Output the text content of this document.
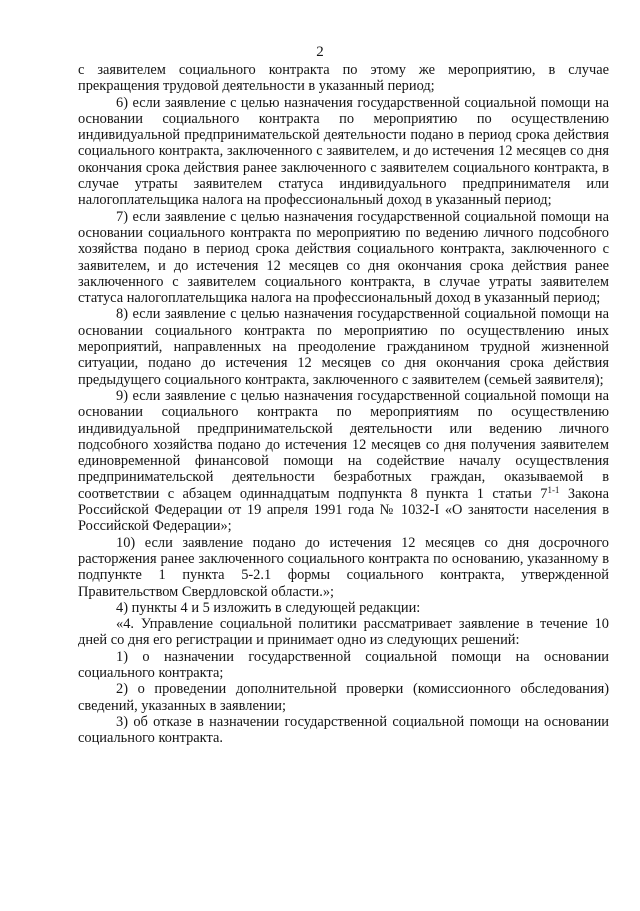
2

с заявителем социального контракта по этому же мероприятию, в случае прекращения трудовой деятельности в указанный период;

6) если заявление с целью назначения государственной социальной помощи на основании социального контракта по мероприятию по осуществлению индивидуальной предпринимательской деятельности подано в период срока действия социального контракта, заключенного с заявителем, и до истечения 12 месяцев со дня окончания срока действия ранее заключенного с заявителем социального контракта, в случае утраты заявителем статуса индивидуального предпринимателя или налогоплательщика налога на профессиональный доход в указанный период;

7) если заявление с целью назначения государственной социальной помощи на основании социального контракта по мероприятию по ведению личного подсобного хозяйства подано в период срока действия социального контракта, заключенного с заявителем, и до истечения 12 месяцев со дня окончания срока действия ранее заключенного с заявителем социального контракта, в случае утраты заявителем статуса налогоплательщика налога на профессиональный доход в указанный период;

8) если заявление с целью назначения государственной социальной помощи на основании социального контракта по мероприятию по осуществлению иных мероприятий, направленных на преодоление гражданином трудной жизненной ситуации, подано до истечения 12 месяцев со дня окончания срока действия предыдущего социального контракта, заключенного с заявителем (семьей заявителя);

9) если заявление с целью назначения государственной социальной помощи на основании социального контракта по мероприятиям по осуществлению индивидуальной предпринимательской деятельности или ведению личного подсобного хозяйства подано до истечения 12 месяцев со дня получения заявителем единовременной финансовой помощи на содействие началу осуществления предпринимательской деятельности безработных граждан, оказываемой в соответствии с абзацем одиннадцатым подпункта 8 пункта 1 статьи 7$^{1-1}$ Закона Российской Федерации от 19 апреля 1991 года № 1032-I «О занятости населения в Российской Федерации»;

10) если заявление подано до истечения 12 месяцев со дня досрочного расторжения ранее заключенного социального контракта по основанию, указанному в подпункте 1 пункта 5-2.1 формы социального контракта, утвержденной Правительством Свердловской области.»;

4) пункты 4 и 5 изложить в следующей редакции:

«4. Управление социальной политики рассматривает заявление в течение 10 дней со дня его регистрации и принимает одно из следующих решений:

1) о назначении государственной социальной помощи на основании социального контракта;

2) о проведении дополнительной проверки (комиссионного обследования) сведений, указанных в заявлении;

3) об отказе в назначении государственной социальной помощи на основании социального контракта.
